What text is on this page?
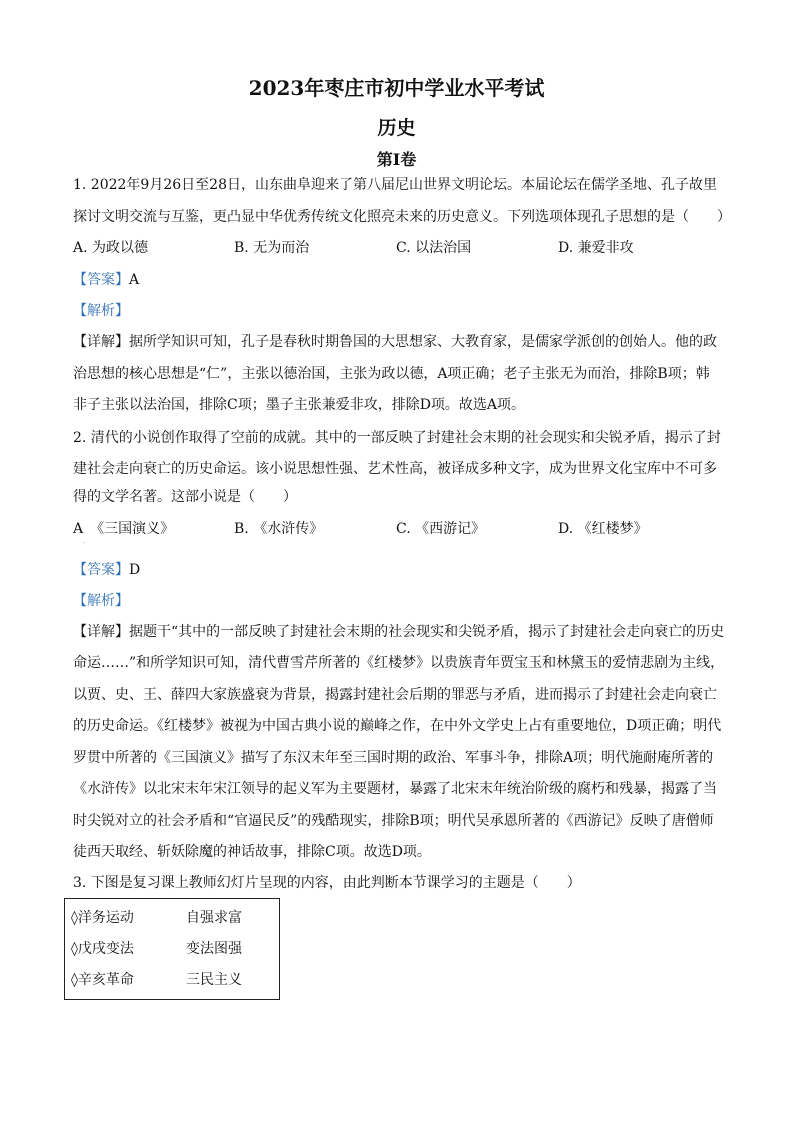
2023年枣庄市初中学业水平考试
历史
第Ⅰ卷
1. 2022年9月26日至28日，山东曲阜迎来了第八届尼山世界文明论坛。本届论坛在儒学圣地、孔子故里
探讨文明交流与互鉴，更凸显中华优秀传统文化照亮未来的历史意义。下列选项体现孔子思想的是（　　）
A. 为政以德	B. 无为而治	C. 以法治国	D. 兼爱非攻
【答案】A
【解析】
【详解】据所学知识可知，孔子是春秋时期鲁国的大思想家、大教育家，是儒家学派创的创始人。他的政
治思想的核心思想是“仁”，主张以德治国，主张为政以德，A项正确；老子主张无为而治，排除B项；韩
非子主张以法治国，排除C项；墨子主张兼爱非攻，排除D项。故选A项。
2. 清代的小说创作取得了空前的成就。其中的一部反映了封建社会末期的社会现实和尖锐矛盾，揭示了封
建社会走向衰亡的历史命运。该小说思想性强、艺术性高，被译成多种文字，成为世界文化宝库中不可多
得的文学名著。这部小说是（　　）
A　《三国演义》	B. 《水浒传》	C. 《西游记》	D. 《红楼梦》
·
【答案】D
【解析】
【详解】据题干“其中的一部反映了封建社会末期的社会现实和尖锐矛盾，揭示了封建社会走向衰亡的历史
命运……”和所学知识可知，清代曹雪芹所著的《红楼梦》以贵族青年贾宝玉和林黛玉的爱情悲剧为主线，
以贾、史、王、薛四大家族盛衰为背景，揭露封建社会后期的罪恶与矛盾，进而揭示了封建社会走向衰亡
的历史命运。《红楼梦》被视为中国古典小说的巅峰之作，在中外文学史上占有重要地位，D项正确；明代
罗贯中所著的《三国演义》描写了东汉末年至三国时期的政治、军事斗争，排除A项；明代施耐庵所著的
《水浒传》以北宋末年宋江领导的起义军为主要题材，暴露了北宋末年统治阶级的腐朽和残暴，揭露了当
时尖锐对立的社会矛盾和“官逼民反”的残酷现实，排除B项；明代吴承恩所著的《西游记》反映了唐僧师
徒西天取经、斩妖除魔的神话故事，排除C项。故选D项。
3. 下图是复习课上教师幻灯片呈现的内容，由此判断本节课学习的主题是（　　）
◊洋务运动	自强求富
◊戊戌变法	变法图强
◊辛亥革命	三民主义
